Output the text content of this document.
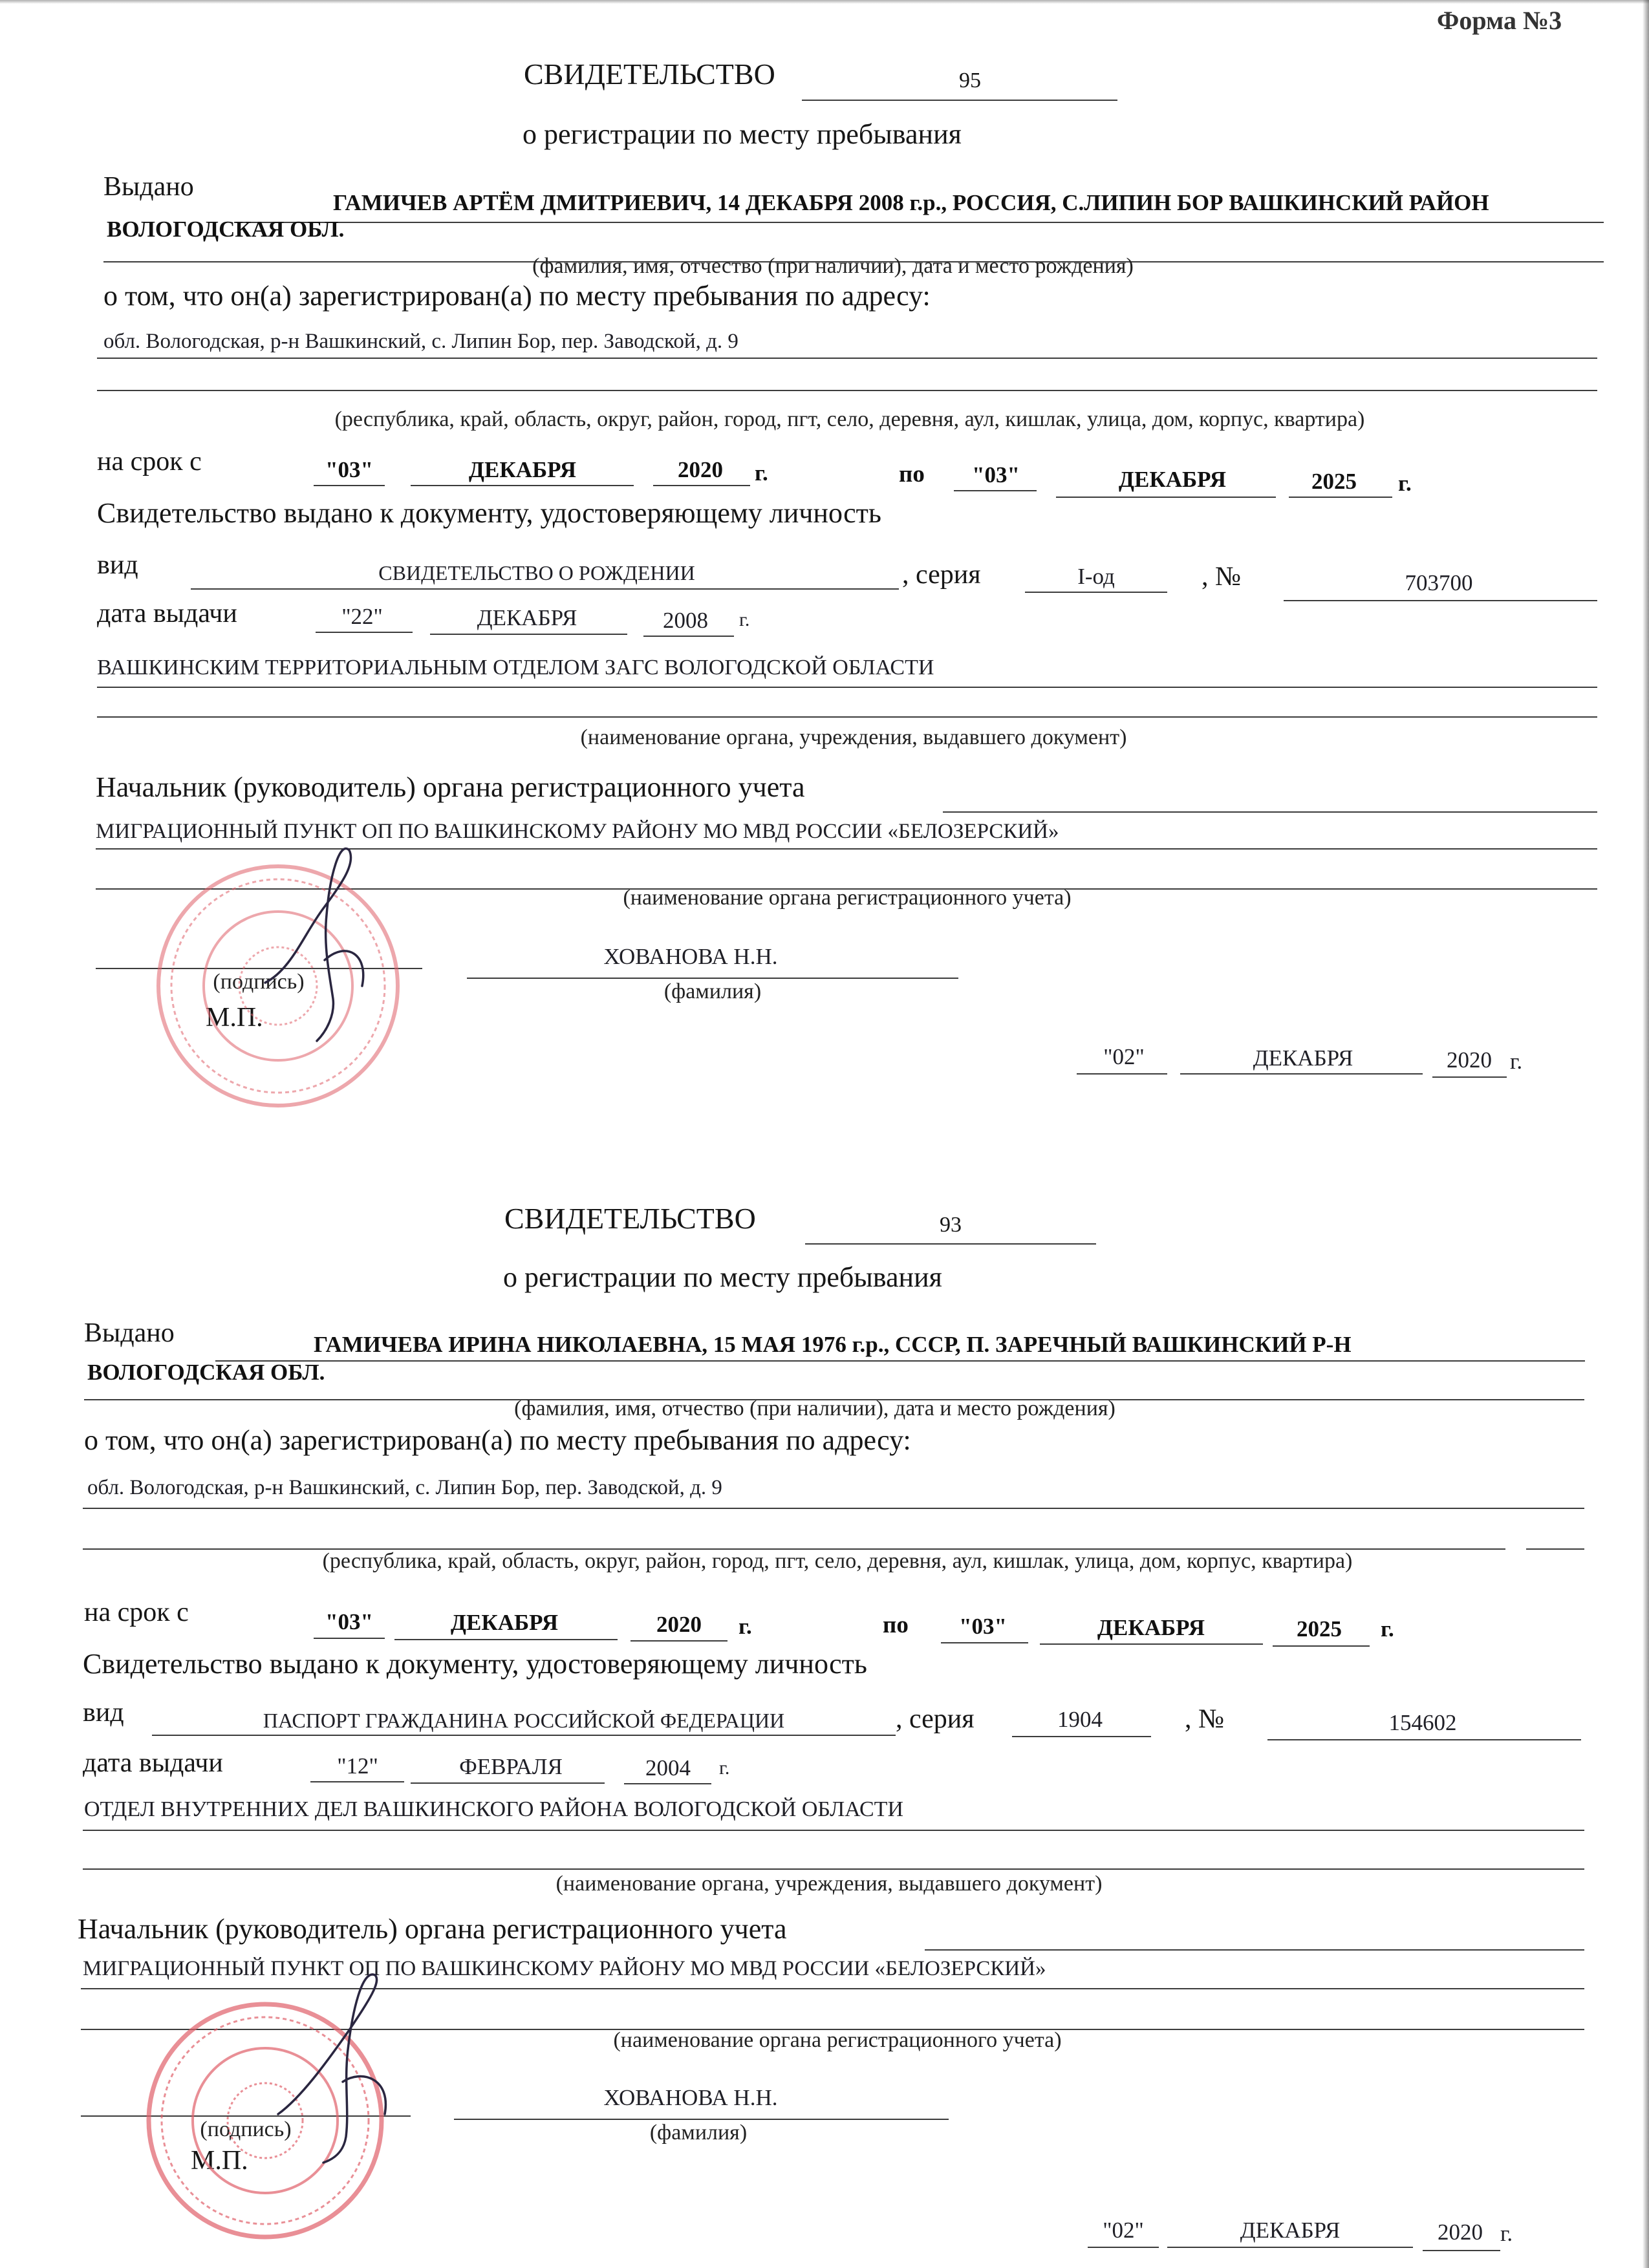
Форма №3
СВИДЕТЕЛЬСТВО	95
о регистрации по месту пребывания
Выдано
ГАМИЧЕВ АРТЁМ ДМИТРИЕВИЧ, 14 ДЕКАБРЯ 2008 г.р., РОССИЯ, С.ЛИПИН БОР ВАШКИНСКИЙ РАЙОН
ВОЛОГОДСКАЯ ОБЛ.
(фамилия, имя, отчество (при наличии), дата и место рождения)
о том, что он(а) зарегистрирован(а) по месту пребывания по адресу:
обл. Вологодская, р-н Вашкинский, с. Липин Бор, пер. Заводской, д. 9
(республика, край, область, округ, район, город, пгт, село, деревня, аул, кишлак, улица, дом, корпус, квартира)
на срок с	"03"	ДЕКАБРЯ	2020 г.	по "03"	ДЕКАБРЯ	2025 г.
Свидетельство выдано к документу, удостоверяющему личность
вид	СВИДЕТЕЛЬСТВО О РОЖДЕНИИ	, серия	I-од	, №	703700
дата выдачи	"22"	ДЕКАБРЯ	2008 г.
ВАШКИНСКИМ ТЕРРИТОРИАЛЬНЫМ ОТДЕЛОМ ЗАГС ВОЛОГОДСКОЙ ОБЛАСТИ
(наименование органа, учреждения, выдавшего документ)
Начальник (руководитель) органа регистрационного учета
МИГРАЦИОННЫЙ ПУНКТ ОП ПО ВАШКИНСКОМУ РАЙОНУ МО МВД РОССИИ «БЕЛОЗЕРСКИЙ»
(наименование органа регистрационного учета)
ХОВАНОВА Н.Н.
(подпись)	(фамилия)
М.П.
"02"	ДЕКАБРЯ	2020 г.
СВИДЕТЕЛЬСТВО	93
о регистрации по месту пребывания
Выдано	ГАМИЧЕВА ИРИНА НИКОЛАЕВНА, 15 МАЯ 1976 г.р., СССР, П. ЗАРЕЧНЫЙ ВАШКИНСКИЙ Р-Н
ВОЛОГОДСКАЯ ОБЛ.
(фамилия, имя, отчество (при наличии), дата и место рождения)
о том, что он(а) зарегистрирован(а) по месту пребывания по адресу:
обл. Вологодская, р-н Вашкинский, с. Липин Бор, пер. Заводской, д. 9
(республика, край, область, округ, район, город, пгт, село, деревня, аул, кишлак, улица, дом, корпус, квартира)
на срок с	"03"	ДЕКАБРЯ	2020 г.	по "03"	ДЕКАБРЯ	2025 г.
Свидетельство выдано к документу, удостоверяющему личность
вид	ПАСПОРТ ГРАЖДАНИНА РОССИЙСКОЙ ФЕДЕРАЦИИ	, серия	1904	, №	154602
дата выдачи	"12"	ФЕВРАЛЯ	2004 г.
ОТДЕЛ ВНУТРЕННИХ ДЕЛ ВАШКИНСКОГО РАЙОНА ВОЛОГОДСКОЙ ОБЛАСТИ
(наименование органа, учреждения, выдавшего документ)
Начальник (руководитель) органа регистрационного учета
МИГРАЦИОННЫЙ ПУНКТ ОП ПО ВАШКИНСКОМУ РАЙОНУ МО МВД РОССИИ «БЕЛОЗЕРСКИЙ»
(наименование органа регистрационного учета)
ХОВАНОВА Н.Н.
(подпись)	(фамилия)
М.П.
"02"	ДЕКАБРЯ	2020 г.
